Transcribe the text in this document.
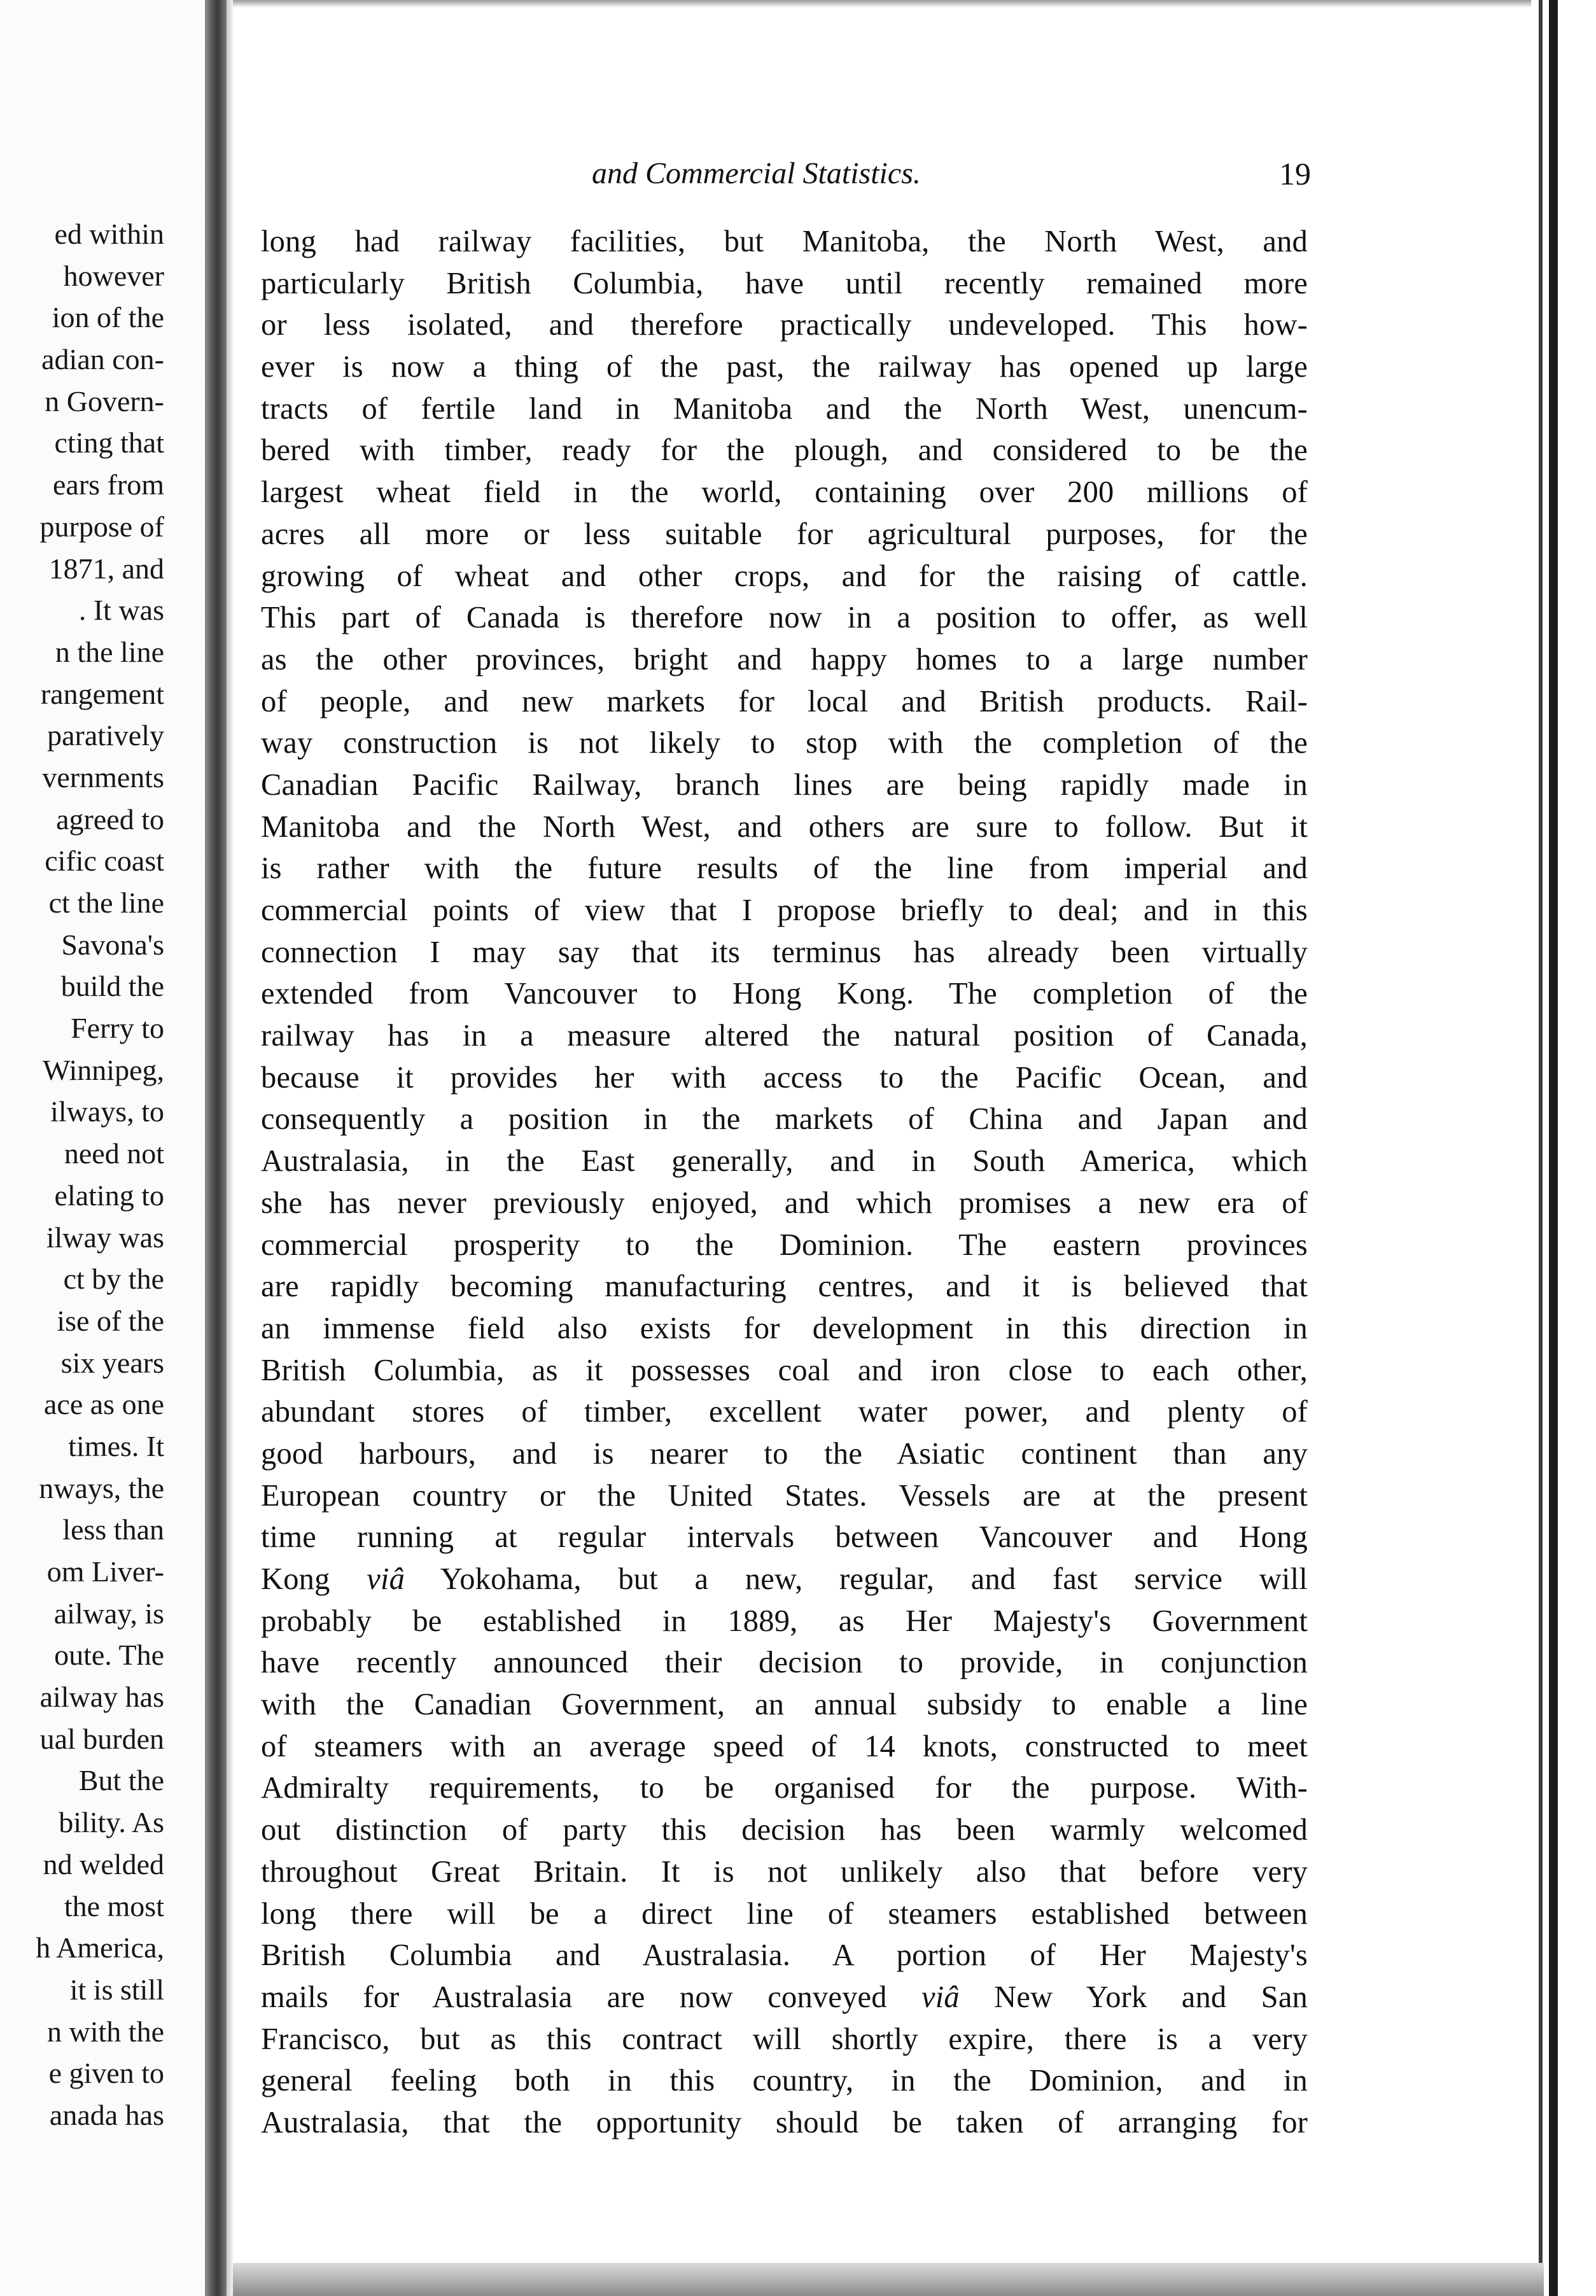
ed within
however
ion of the
adian con-
n Govern-
cting that
ears from
purpose of
1871, and
. It was
n the line
rangement
paratively
vernments
agreed to
cific coast
ct the line
Savona's
build the
Ferry to
Winnipeg,
ilways, to
need not
elating to
ilway was
ct by the
ise of the
six years
ace as one
times. It
nways, the
less than
om Liver-
ailway, is
oute. The
ailway has
ual burden
But the
bility. As
nd welded
the most
h America,
it is still
n with the
e given to
anada has
and Commercial Statistics.	19
long had railway facilities, but Manitoba, the North West, and
particularly British Columbia, have until recently remained more
or less isolated, and therefore practically undeveloped. This how-
ever is now a thing of the past, the railway has opened up large
tracts of fertile land in Manitoba and the North West, unencum-
bered with timber, ready for the plough, and considered to be the
largest wheat field in the world, containing over 200 millions of
acres all more or less suitable for agricultural purposes, for the
growing of wheat and other crops, and for the raising of cattle.
This part of Canada is therefore now in a position to offer, as well
as the other provinces, bright and happy homes to a large number
of people, and new markets for local and British products. Rail-
way construction is not likely to stop with the completion of the
Canadian Pacific Railway, branch lines are being rapidly made in
Manitoba and the North West, and others are sure to follow. But it
is rather with the future results of the line from imperial and
commercial points of view that I propose briefly to deal; and in this
connection I may say that its terminus has already been virtually
extended from Vancouver to Hong Kong. The completion of the
railway has in a measure altered the natural position of Canada,
because it provides her with access to the Pacific Ocean, and
consequently a position in the markets of China and Japan and
Australasia, in the East generally, and in South America, which
she has never previously enjoyed, and which promises a new era of
commercial prosperity to the Dominion. The eastern provinces
are rapidly becoming manufacturing centres, and it is believed that
an immense field also exists for development in this direction in
British Columbia, as it possesses coal and iron close to each other,
abundant stores of timber, excellent water power, and plenty of
good harbours, and is nearer to the Asiatic continent than any
European country or the United States. Vessels are at the present
time running at regular intervals between Vancouver and Hong
Kong viâ Yokohama, but a new, regular, and fast service will
probably be established in 1889, as Her Majesty's Government
have recently announced their decision to provide, in conjunction
with the Canadian Government, an annual subsidy to enable a line
of steamers with an average speed of 14 knots, constructed to meet
Admiralty requirements, to be organised for the purpose. With-
out distinction of party this decision has been warmly welcomed
throughout Great Britain. It is not unlikely also that before very
long there will be a direct line of steamers established between
British Columbia and Australasia. A portion of Her Majesty's
mails for Australasia are now conveyed viâ New York and San
Francisco, but as this contract will shortly expire, there is a very
general feeling both in this country, in the Dominion, and in
Australasia, that the opportunity should be taken of arranging for
